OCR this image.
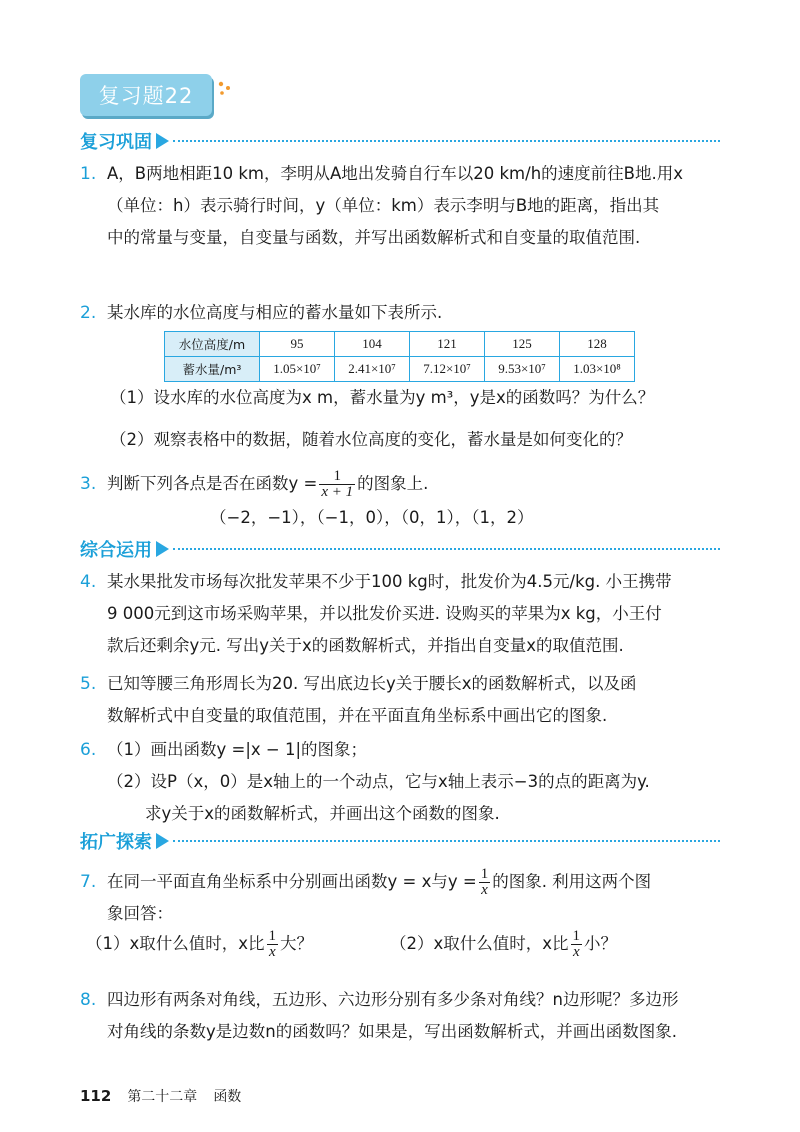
复习题22
复习巩固
1. A，B两地相距10 km，李明从A地出发骑自行车以20 km/h的速度前往B地.用x
（单位：h）表示骑行时间，y（单位：km）表示李明与B地的距离，指出其
中的常量与变量，自变量与函数，并写出函数解析式和自变量的取值范围.
2. 某水库的水位高度与相应的蓄水量如下表所示.
水位高度/m	95	104	121	125	128
蓄水量/m³	1.05×10⁷	2.41×10⁷	7.12×10⁷	9.53×10⁷	1.03×10⁸
（1）设水库的水位高度为x m，蓄水量为y m³，y是x的函数吗？为什么？
（2）观察表格中的数据，随着水位高度的变化，蓄水量是如何变化的？
3. 判断下列各点是否在函数$y = \frac{1}{x + 1}$ 的图象上.
（−2，−1），（−1，0），（0，1），（1，2）
综合运用
4. 某水果批发市场每次批发苹果不少于100 kg时，批发价为4.5元/kg. 小王携带
9 000元到这市场采购苹果，并以批发价买进. 设购买的苹果为x kg，小王付
款后还剩余y元. 写出y关于x的函数解析式，并指出自变量x的取值范围.
5. 已知等腰三角形周长为20. 写出底边长y关于腰长x的函数解析式，以及函
数解析式中自变量的取值范围，并在平面直角坐标系中画出它的图象.
6. （1）画出函数y =|x − 1|的图象；
（2）设P（x，0）是x轴上的一个动点，它与x轴上表示−3的点的距离为y.
求y关于x的函数解析式，并画出这个函数的图象.
拓广探索
7. 在同一平面直角坐标系中分别画出函数y = x与$y = \frac{1}{x}$ 的图象. 利用这两个图
象回答：
（1）x取什么值时，x比 $\frac{1}{x}$ 大？	（2）x取什么值时，x比 $\frac{1}{x}$ 小？
8. 四边形有两条对角线，五边形、六边形分别有多少条对角线？n边形呢？多边形
对角线的条数y是边数n的函数吗？如果是，写出函数解析式，并画出函数图象.
112 第二十二章 函数
